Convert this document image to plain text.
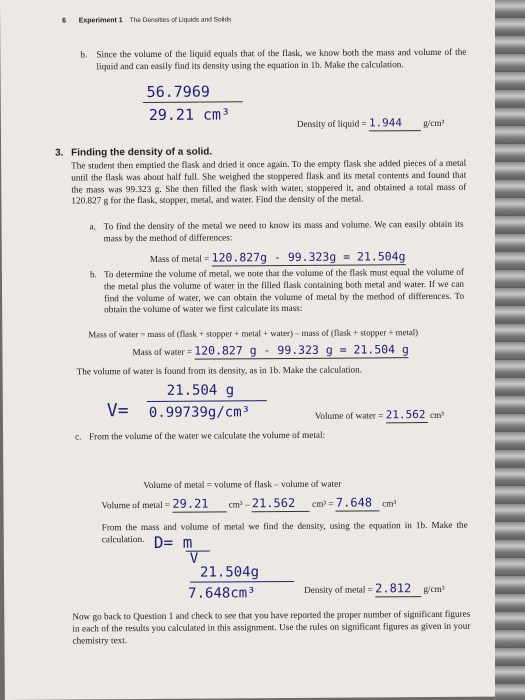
6 Experiment 1 The Densities of Liquids and Solids
b. Since the volume of the liquid equals that of the flask, we know both the mass and volume of the liquid and can easily find its density using the equation in 1b. Make the calculation.
56.7969
29.21 cm³	Density of liquid = 1.944 g/cm³
3. Finding the density of a solid.
The student then emptied the flask and dried it once again. To the empty flask she added pieces of a metal until the flask was about half full. She weighed the stoppered flask and its metal contents and found that the mass was 99.323 g. She then filled the flask with water, stoppered it, and obtained a total mass of 120.827 g for the flask, stopper, metal, and water. Find the density of the metal.
a. To find the density of the metal we need to know its mass and volume. We can easily obtain its mass by the method of differences:
Mass of metal = 120.827g - 99.323g = 21.504g
b. To determine the volume of metal, we note that the volume of the flask must equal the volume of the metal plus the volume of water in the filled flask containing both metal and water. If we can find the volume of water, we can obtain the volume of metal by the method of differences. To obtain the volume of water we first calculate its mass:
Mass of water = mass of (flask + stopper + metal + water) – mass of (flask + stopper + metal)
Mass of water = 120.827 g - 99.323 g = 21.504 g
The volume of water is found from its density, as in 1b. Make the calculation.
V=
21.504 g
0.99739g/cm³	Volume of water = 21.562 cm³
c. From the volume of the water we calculate the volume of metal:
Volume of metal = volume of flask – volume of water
Volume of metal = 29.21 cm³ – 21.562 cm³ = 7.648 cm³
From the mass and volume of metal we find the density, using the equation in 1b. Make the calculation. D= m
V
21.504g
7.648cm³	Density of metal = 2.812 g/cm³
Now go back to Question 1 and check to see that you have reported the proper number of significant figures in each of the results you calculated in this assignment. Use the rules on significant figures as given in your chemistry text.
